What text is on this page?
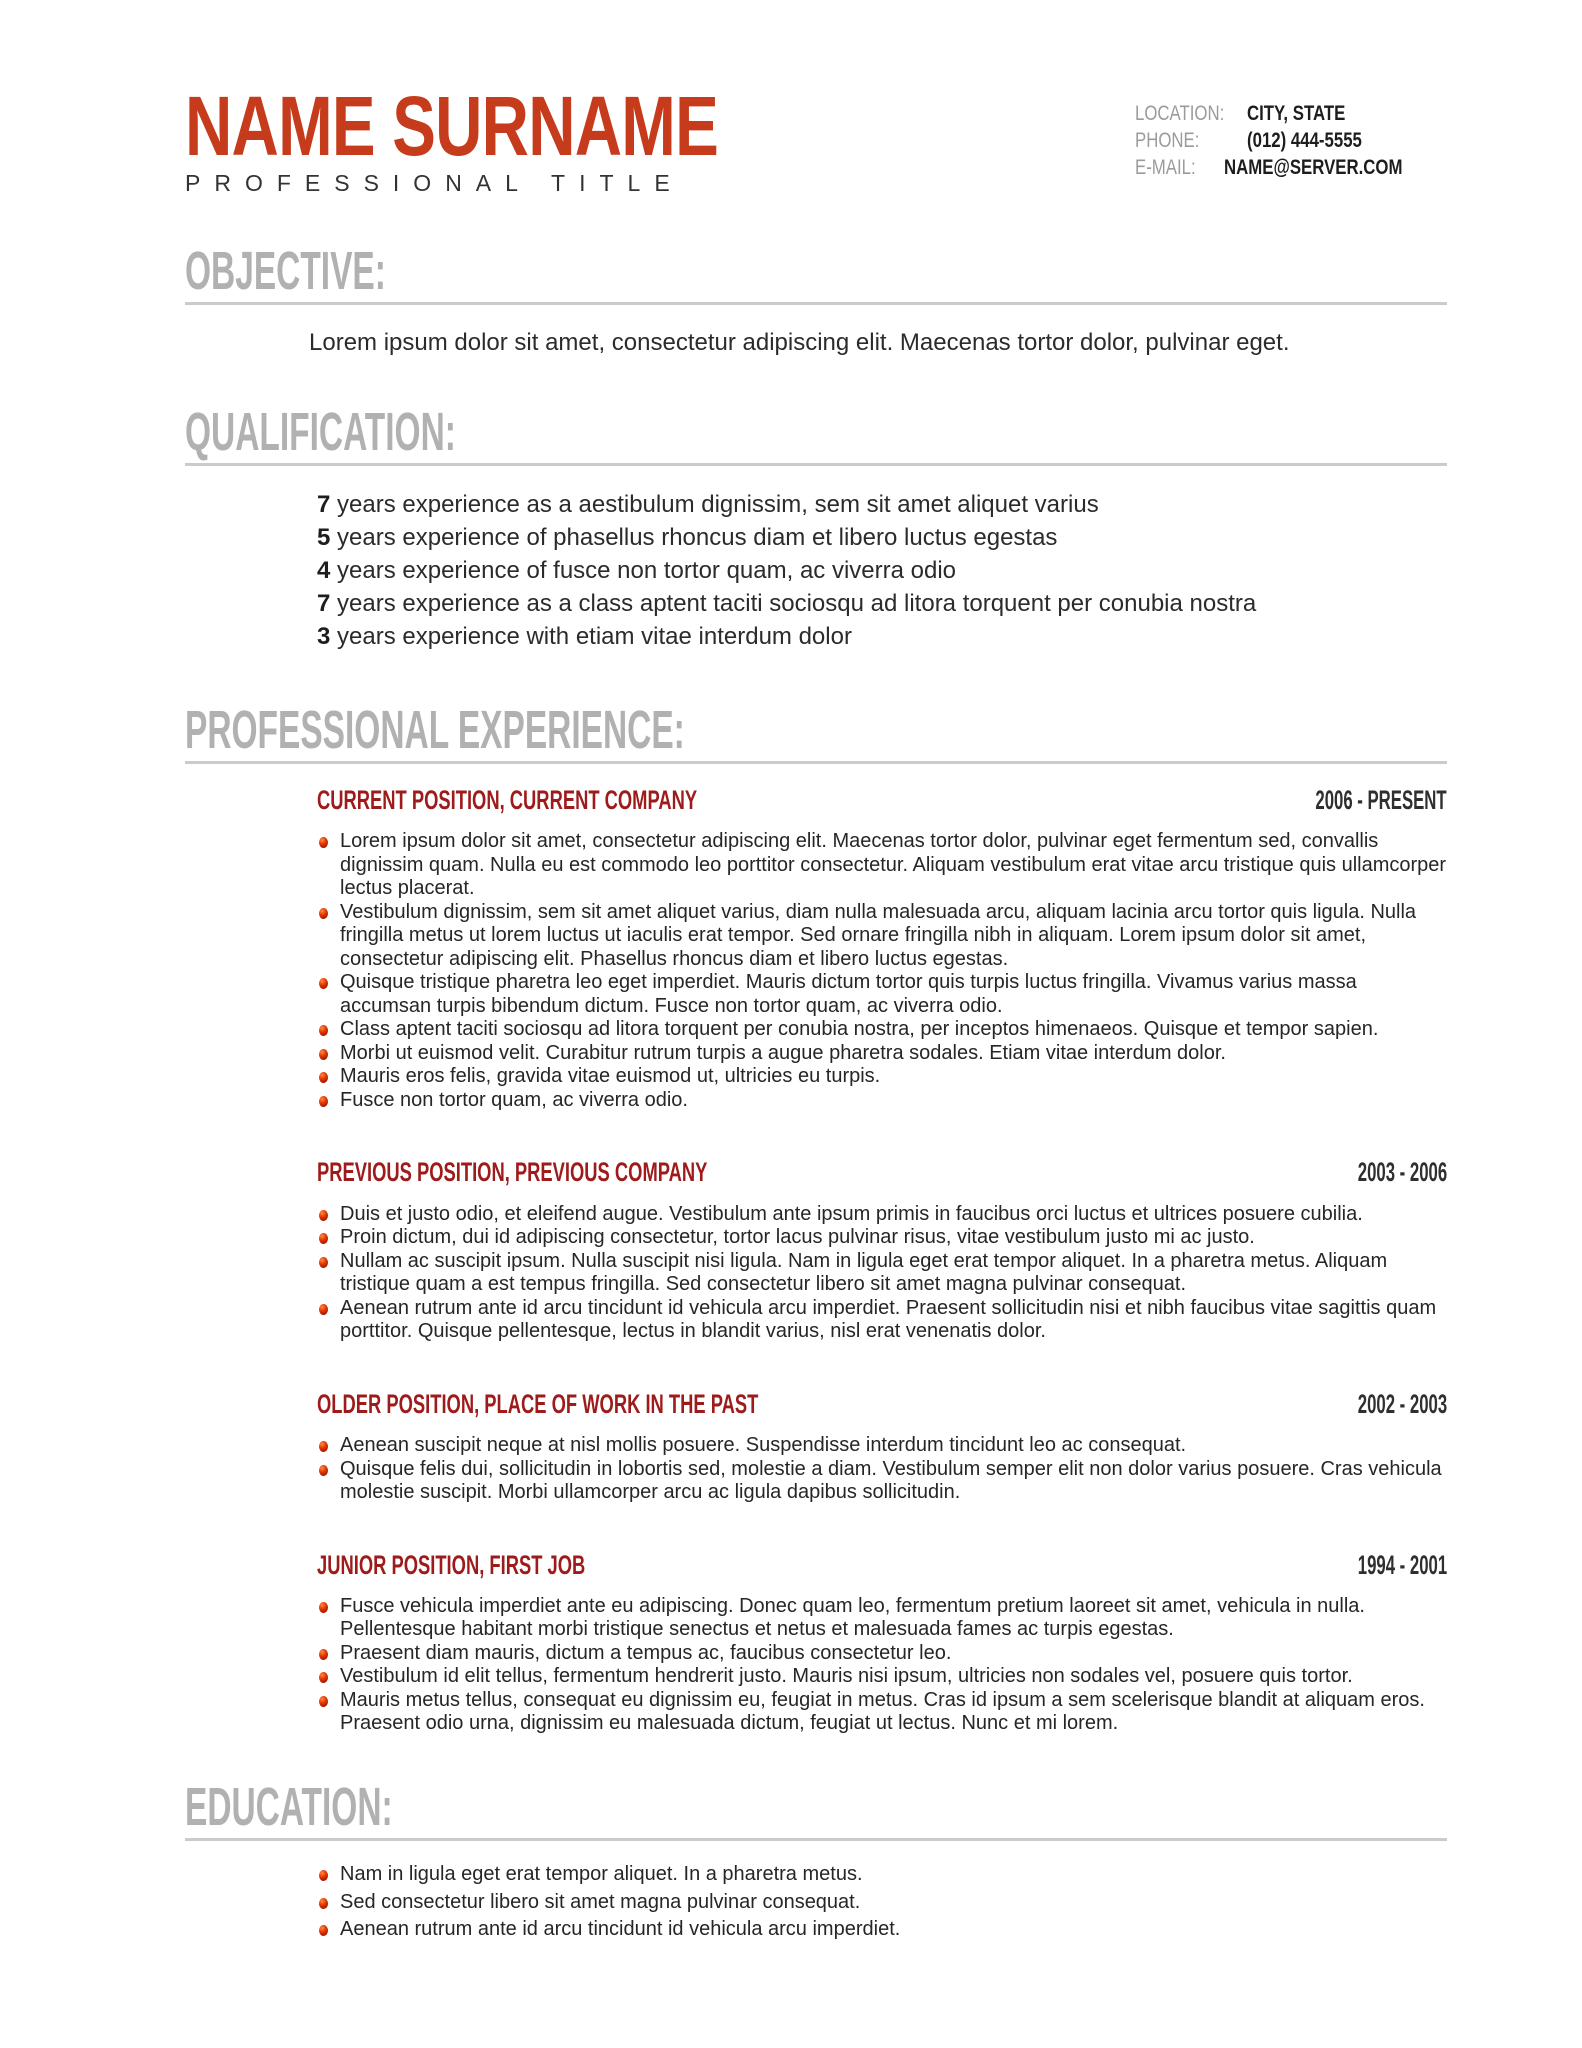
NAME SURNAME
PROFESSIONAL TITLE
LOCATION: CITY, STATE
PHONE:	(012) 444-5555
E-MAIL:	NAME@SERVER.COM
OBJECTIVE:

Lorem ipsum dolor sit amet, consectetur adipiscing elit. Maecenas tortor dolor, pulvinar eget.

QUALIFICATION:
7 years experience as a aestibulum dignissim, sem sit amet aliquet varius
5 years experience of phasellus rhoncus diam et libero luctus egestas
4 years experience of fusce non tortor quam, ac viverra odio
7 years experience as a class aptent taciti sociosqu ad litora torquent per conubia nostra
3 years experience with etiam vitae interdum dolor
PROFESSIONAL EXPERIENCE:
CURRENT POSITION, CURRENT COMPANY	2006 - PRESENT
Lorem ipsum dolor sit amet, consectetur adipiscing elit. Maecenas tortor dolor, pulvinar eget fermentum sed, convallis dignissim quam. Nulla eu est commodo leo porttitor consectetur. Aliquam vestibulum erat vitae arcu tristique quis ullamcorper lectus placerat.
Vestibulum dignissim, sem sit amet aliquet varius, diam nulla malesuada arcu, aliquam lacinia arcu tortor quis ligula. Nulla fringilla metus ut lorem luctus ut iaculis erat tempor. Sed ornare fringilla nibh in aliquam. Lorem ipsum dolor sit amet, consectetur adipiscing elit. Phasellus rhoncus diam et libero luctus egestas.
Quisque tristique pharetra leo eget imperdiet. Mauris dictum tortor quis turpis luctus fringilla. Vivamus varius massa accumsan turpis bibendum dictum. Fusce non tortor quam, ac viverra odio.
Class aptent taciti sociosqu ad litora torquent per conubia nostra, per inceptos himenaeos. Quisque et tempor sapien.
Morbi ut euismod velit. Curabitur rutrum turpis a augue pharetra sodales. Etiam vitae interdum dolor.
Mauris eros felis, gravida vitae euismod ut, ultricies eu turpis.
Fusce non tortor quam, ac viverra odio.
PREVIOUS POSITION, PREVIOUS COMPANY	2003 - 2006
Duis et justo odio, et eleifend augue. Vestibulum ante ipsum primis in faucibus orci luctus et ultrices posuere cubilia.
Proin dictum, dui id adipiscing consectetur, tortor lacus pulvinar risus, vitae vestibulum justo mi ac justo.
Nullam ac suscipit ipsum. Nulla suscipit nisi ligula. Nam in ligula eget erat tempor aliquet. In a pharetra metus. Aliquam tristique quam a est tempus fringilla. Sed consectetur libero sit amet magna pulvinar consequat.
Aenean rutrum ante id arcu tincidunt id vehicula arcu imperdiet. Praesent sollicitudin nisi et nibh faucibus vitae sagittis quam porttitor. Quisque pellentesque, lectus in blandit varius, nisl erat venenatis dolor.
OLDER POSITION, PLACE OF WORK IN THE PAST	2002 - 2003
Aenean suscipit neque at nisl mollis posuere. Suspendisse interdum tincidunt leo ac consequat.
Quisque felis dui, sollicitudin in lobortis sed, molestie a diam. Vestibulum semper elit non dolor varius posuere. Cras vehicula molestie suscipit. Morbi ullamcorper arcu ac ligula dapibus sollicitudin.
JUNIOR POSITION, FIRST JOB	1994 - 2001
Fusce vehicula imperdiet ante eu adipiscing. Donec quam leo, fermentum pretium laoreet sit amet, vehicula in nulla. Pellentesque habitant morbi tristique senectus et netus et malesuada fames ac turpis egestas.
Praesent diam mauris, dictum a tempus ac, faucibus consectetur leo.
Vestibulum id elit tellus, fermentum hendrerit justo. Mauris nisi ipsum, ultricies non sodales vel, posuere quis tortor.
Mauris metus tellus, consequat eu dignissim eu, feugiat in metus. Cras id ipsum a sem scelerisque blandit at aliquam eros. Praesent odio urna, dignissim eu malesuada dictum, feugiat ut lectus. Nunc et mi lorem.
EDUCATION:
Nam in ligula eget erat tempor aliquet. In a pharetra metus.
Sed consectetur libero sit amet magna pulvinar consequat.
Aenean rutrum ante id arcu tincidunt id vehicula arcu imperdiet.
